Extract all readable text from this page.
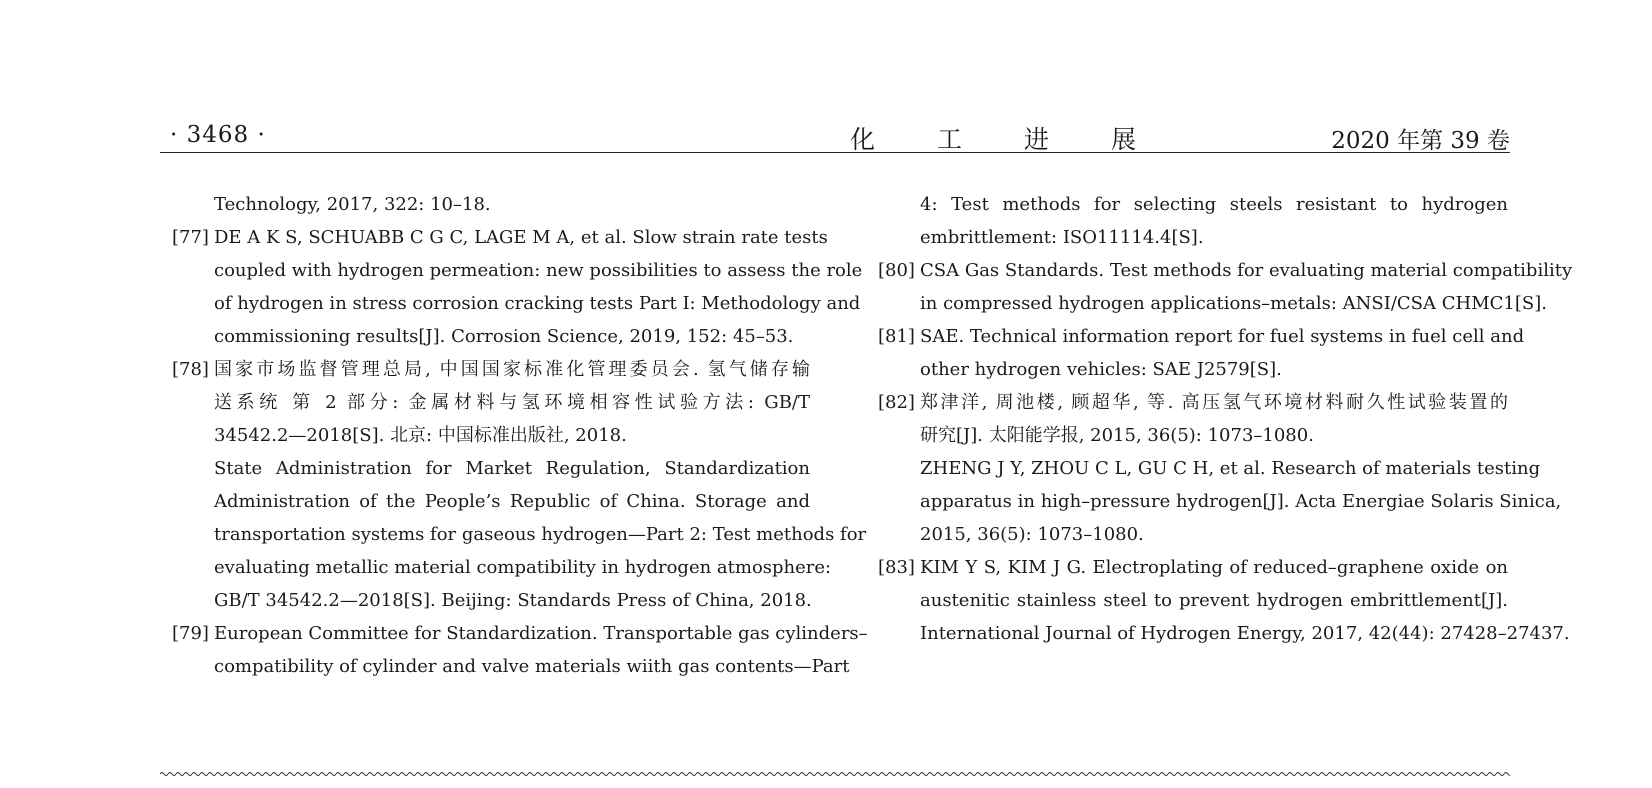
· 3468 ·	化 工 进 展	2020 年第 39 卷
Technology, 2017, 322: 10–18.
[77] DE A K S, SCHUABB C G C, LAGE M A, et al. Slow strain rate tests
coupled with hydrogen permeation: new possibilities to assess the role
of hydrogen in stress corrosion cracking tests Part I: Methodology and
commissioning results[J]. Corrosion Science, 2019, 152: 45–53.
[78] 国家市场监督管理总局, 中国国家标准化管理委员会. 氢气储存输
送系统 第 2 部分: 金属材料与氢环境相容性试验方法: GB/T
34542.2—2018[S]. 北京: 中国标准出版社, 2018.
State Administration for Market Regulation, Standardization
Administration of the People’s Republic of China. Storage and
transportation systems for gaseous hydrogen—Part 2: Test methods for
evaluating metallic material compatibility in hydrogen atmosphere:
GB/T 34542.2—2018[S]. Beijing: Standards Press of China, 2018.
[79] European Committee for Standardization. Transportable gas cylinders–
compatibility of cylinder and valve materials wiith gas contents—Part
4: Test methods for selecting steels resistant to hydrogen
embrittlement: ISO11114.4[S].
[80] CSA Gas Standards. Test methods for evaluating material compatibility
in compressed hydrogen applications–metals: ANSI/CSA CHMC1[S].
[81] SAE. Technical information report for fuel systems in fuel cell and
other hydrogen vehicles: SAE J2579[S].
[82] 郑津洋, 周池楼, 顾超华, 等. 高压氢气环境材料耐久性试验装置的
研究[J]. 太阳能学报, 2015, 36(5): 1073–1080.
ZHENG J Y, ZHOU C L, GU C H, et al. Research of materials testing
apparatus in high–pressure hydrogen[J]. Acta Energiae Solaris Sinica,
2015, 36(5): 1073–1080.
[83] KIM Y S, KIM J G. Electroplating of reduced–graphene oxide on
austenitic stainless steel to prevent hydrogen embrittlement[J].
International Journal of Hydrogen Energy, 2017, 42(44): 27428–27437.
